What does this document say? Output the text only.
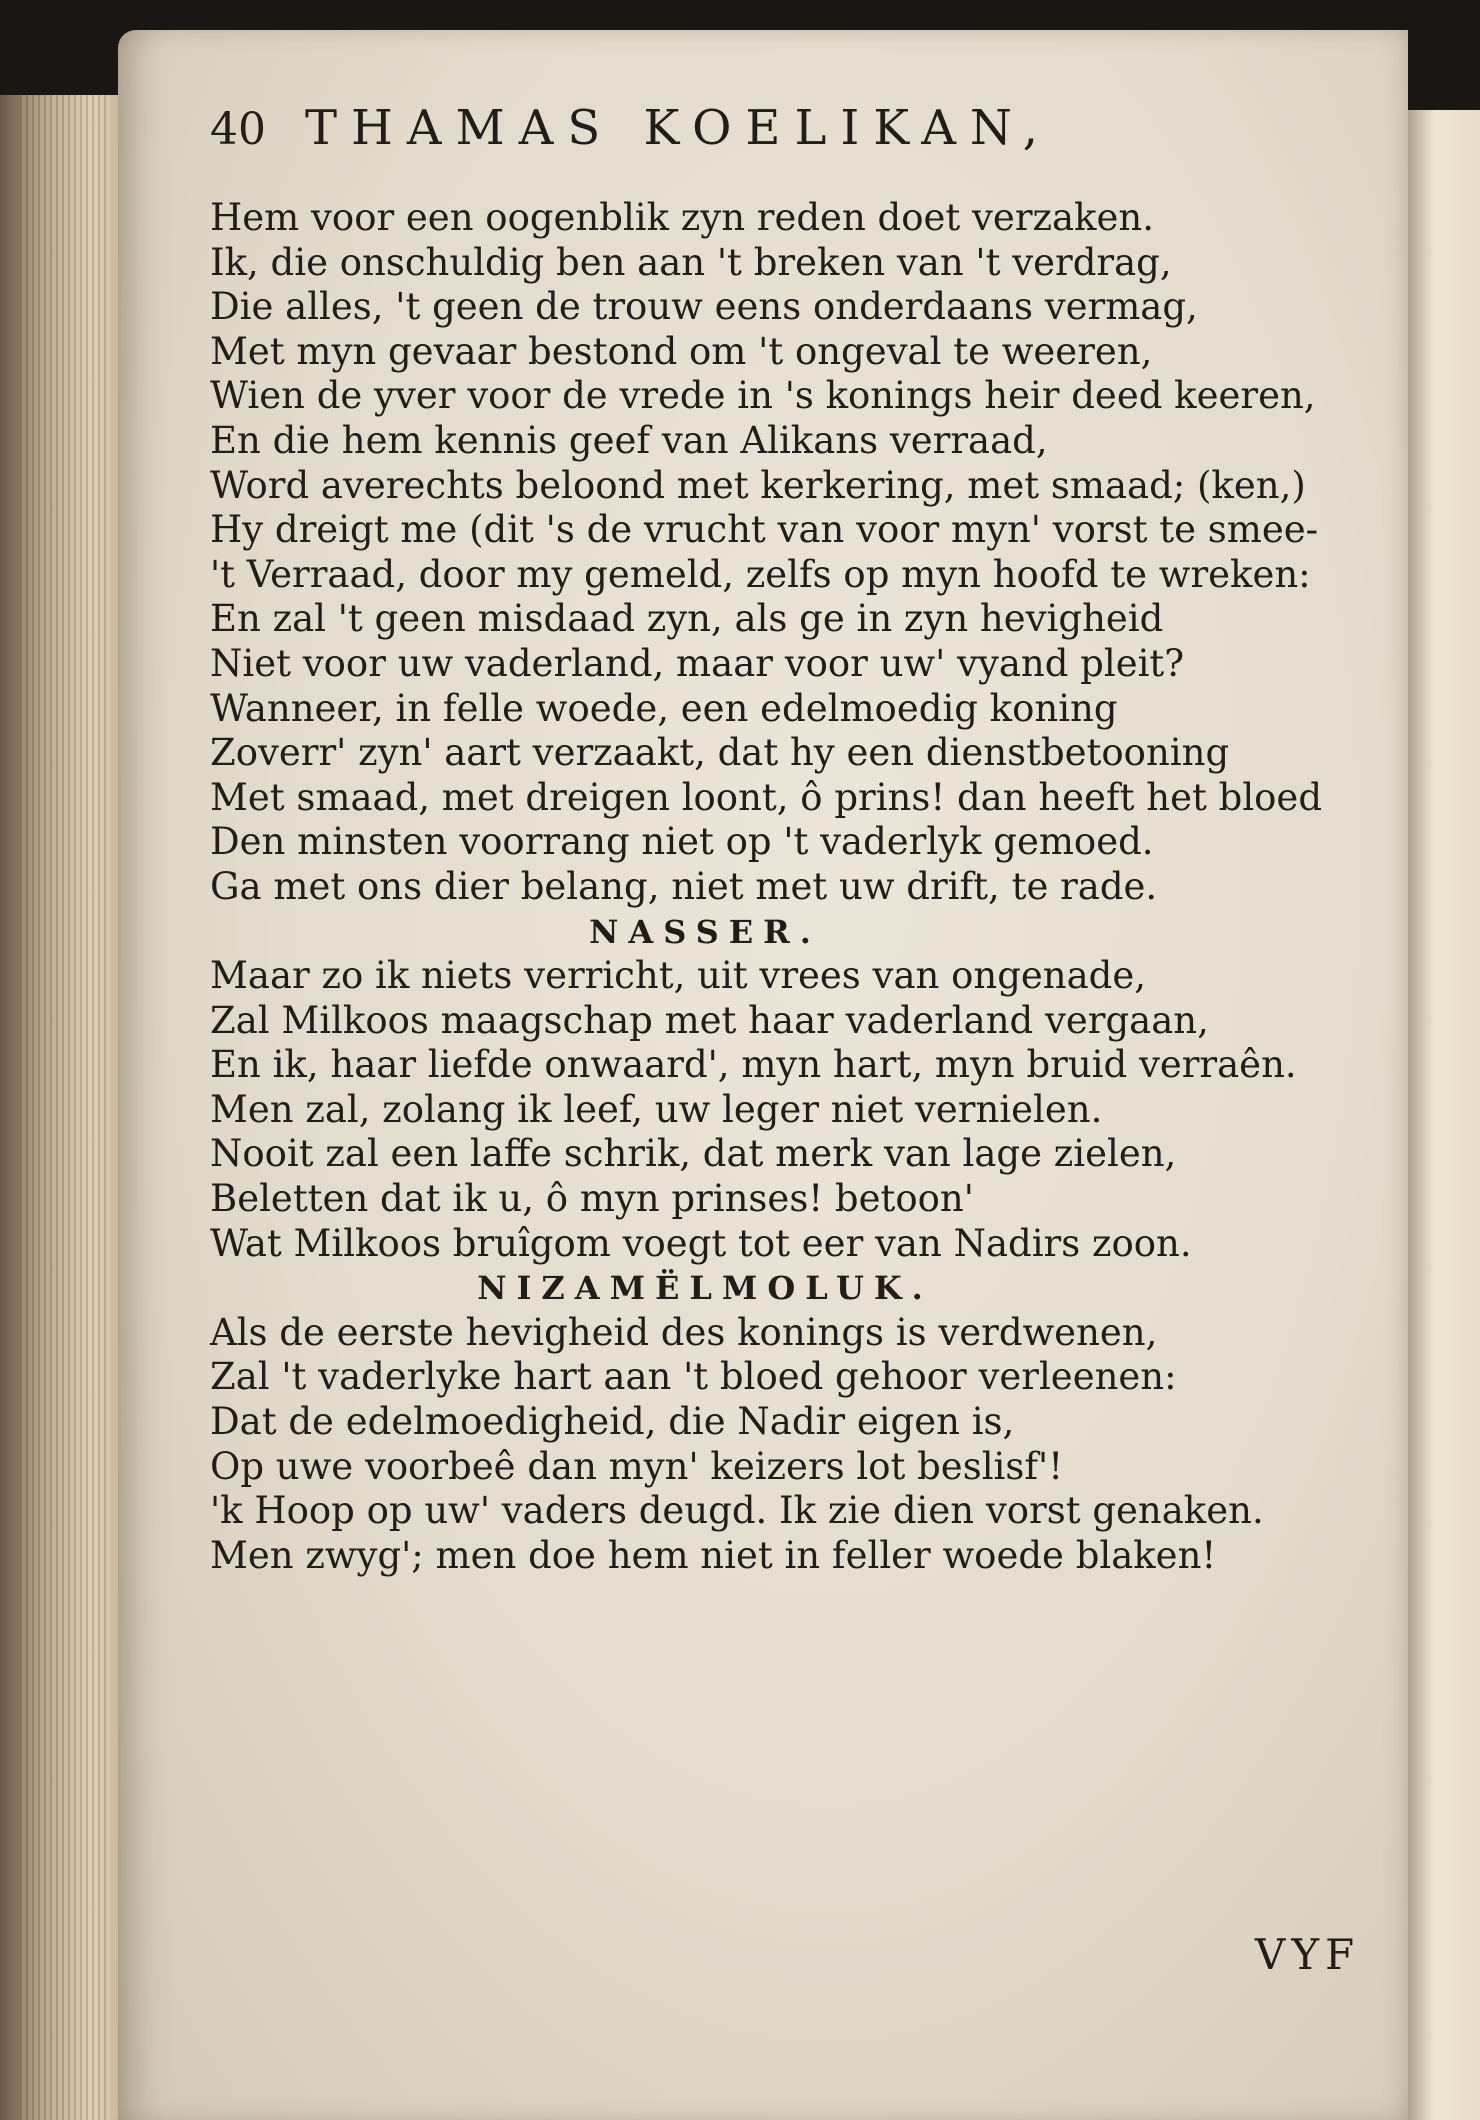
40 THAMAS KOELIKAN,
Hem voor een oogenblik zyn reden doet verzaken.
Ik, die onschuldig ben aan 't breken van 't verdrag,
Die alles, 't geen de trouw eens onderdaans vermag,
Met myn gevaar bestond om 't ongeval te weeren,
Wien de yver voor de vrede in 's konings heir deed keeren,
En die hem kennis geef van Alikans verraad,
Word averechts beloond met kerkering, met smaad; (ken,)
Hy dreigt me (dit 's de vrucht van voor myn' vorst te smee-
't Verraad, door my gemeld, zelfs op myn hoofd te wreken:
En zal 't geen misdaad zyn, als ge in zyn hevigheid
Niet voor uw vaderland, maar voor uw' vyand pleit?
Wanneer, in felle woede, een edelmoedig koning
Zoverr' zyn' aart verzaakt, dat hy een dienstbetooning
Met smaad, met dreigen loont, ô prins! dan heeft het bloed
Den minsten voorrang niet op 't vaderlyk gemoed.
Ga met ons dier belang, niet met uw drift, te rade.
NASSER.
Maar zo ik niets verricht, uit vrees van ongenade,
Zal Milkoos maagschap met haar vaderland vergaan,
En ik, haar liefde onwaard', myn hart, myn bruid verraên.
Men zal, zolang ik leef, uw leger niet vernielen.
Nooit zal een laffe schrik, dat merk van lage zielen,
Beletten dat ik u, ô myn prinses! betoon'
Wat Milkoos bruîgom voegt tot eer van Nadirs zoon.
NIZAMËLMOLUK.
Als de eerste hevigheid des konings is verdwenen,
Zal 't vaderlyke hart aan 't bloed gehoor verleenen:
Dat de edelmoedigheid, die Nadir eigen is,
Op uwe voorbeê dan myn' keizers lot beslisf'!
'k Hoop op uw' vaders deugd. Ik zie dien vorst genaken.
Men zwyg'; men doe hem niet in feller woede blaken!
VYF
